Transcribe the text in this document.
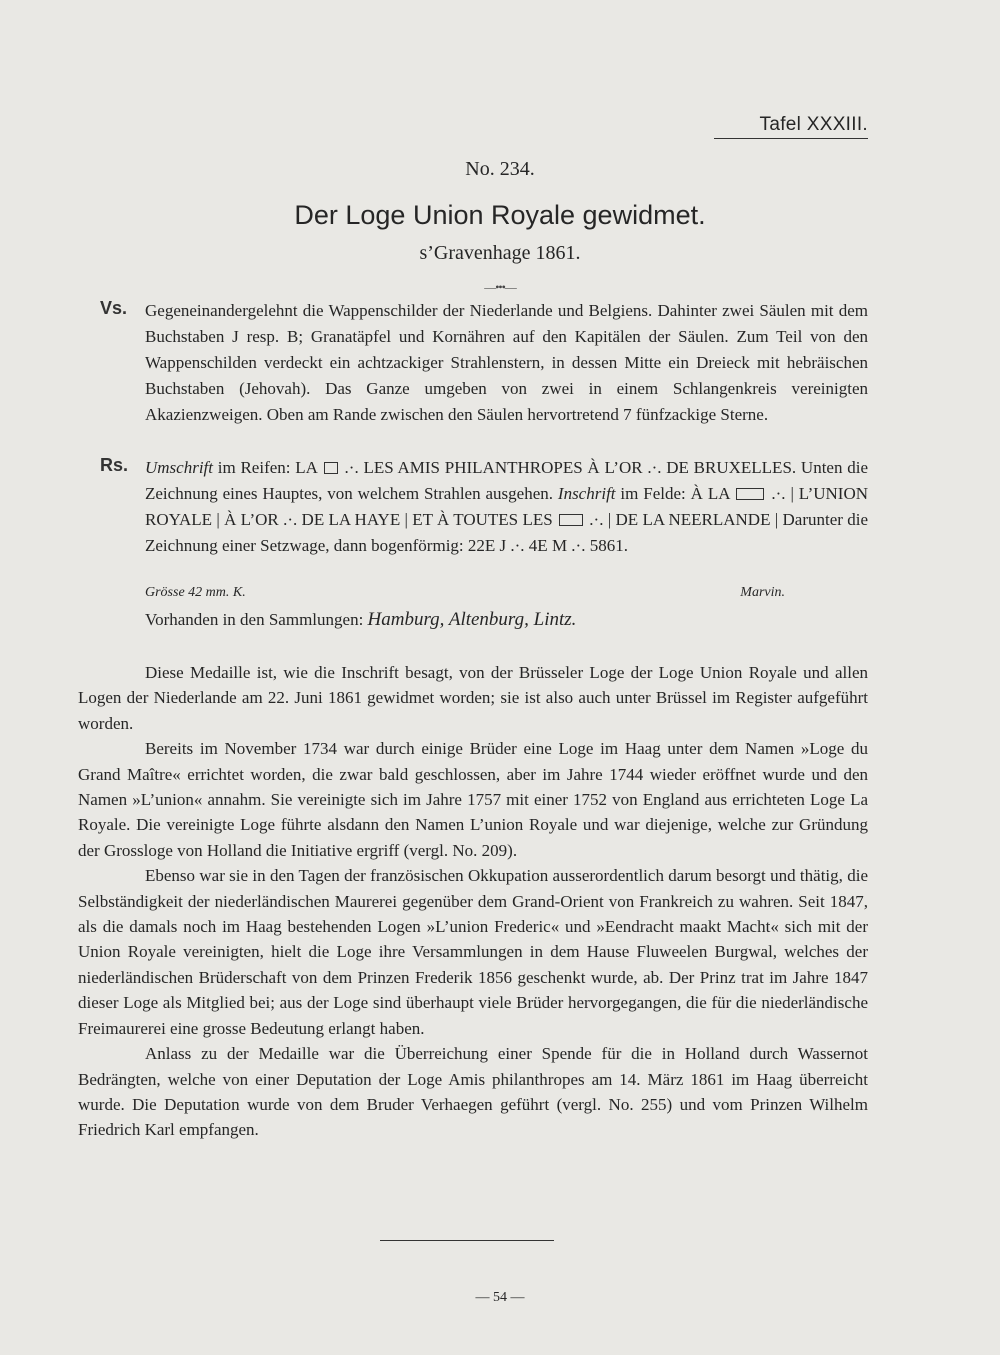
Tafel XXXIII.
No. 234.
Der Loge Union Royale gewidmet.
s’Gravenhage 1861.
—•••—
Vs. Gegeneinandergelehnt die Wappenschilder der Niederlande und Belgiens. Dahinter zwei Säulen mit dem Buchstaben J resp. B; Granatäpfel und Kornähren auf den Kapitälen der Säulen. Zum Teil von den Wappenschilden verdeckt ein achtzackiger Strahlenstern, in dessen Mitte ein Dreieck mit hebräischen Buchstaben (Jehovah). Das Ganze umgeben von zwei in einem Schlangenkreis vereinigten Akazienzweigen. Oben am Rande zwischen den Säulen hervortretend 7 fünfzackige Sterne.
Rs. Umschrift im Reifen: LA  .·. LES AMIS PHILANTHROPES À L’OR .·. DE BRUXELLES. Unten die Zeichnung eines Hauptes, von welchem Strahlen ausgehen. Inschrift im Felde: À LA  .·. | L’UNION ROYALE | À L’OR .·. DE LA HAYE | ET À TOUTES LES  .·. | DE LA NEERLANDE | Darunter die Zeichnung einer Setzwage, dann bogenförmig: 22E J .·. 4E M .·. 5861.
Grösse 42 mm. K.	Marvin.
Vorhanden in den Sammlungen: Hamburg, Altenburg, Lintz.

Diese Medaille ist, wie die Inschrift besagt, von der Brüsseler Loge der Loge Union Royale und allen Logen der Niederlande am 22. Juni 1861 gewidmet worden; sie ist also auch unter Brüssel im Register aufgeführt worden.

Bereits im November 1734 war durch einige Brüder eine Loge im Haag unter dem Namen »Loge du Grand Maître« errichtet worden, die zwar bald geschlossen, aber im Jahre 1744 wieder eröffnet wurde und den Namen »L’union« annahm. Sie vereinigte sich im Jahre 1757 mit einer 1752 von England aus errichteten Loge La Royale. Die vereinigte Loge führte alsdann den Namen L’union Royale und war diejenige, welche zur Gründung der Grossloge von Holland die Initiative ergriff (vergl. No. 209).

Ebenso war sie in den Tagen der französischen Okkupation ausserordentlich darum besorgt und thätig, die Selbständigkeit der niederländischen Maurerei gegenüber dem Grand-Orient von Frankreich zu wahren. Seit 1847, als die damals noch im Haag bestehenden Logen »L’union Frederic« und »Eendracht maakt Macht« sich mit der Union Royale vereinigten, hielt die Loge ihre Versammlungen in dem Hause Fluweelen Burgwal, welches der niederländischen Brüderschaft von dem Prinzen Frederik 1856 geschenkt wurde, ab. Der Prinz trat im Jahre 1847 dieser Loge als Mitglied bei; aus der Loge sind überhaupt viele Brüder hervorgegangen, die für die niederländische Freimaurerei eine grosse Bedeutung erlangt haben.

Anlass zu der Medaille war die Überreichung einer Spende für die in Holland durch Wassernot Bedrängten, welche von einer Deputation der Loge Amis philanthropes am 14. März 1861 im Haag überreicht wurde. Die Deputation wurde von dem Bruder Verhaegen geführt (vergl. No. 255) und vom Prinzen Wilhelm Friedrich Karl empfangen.

— 54 —
